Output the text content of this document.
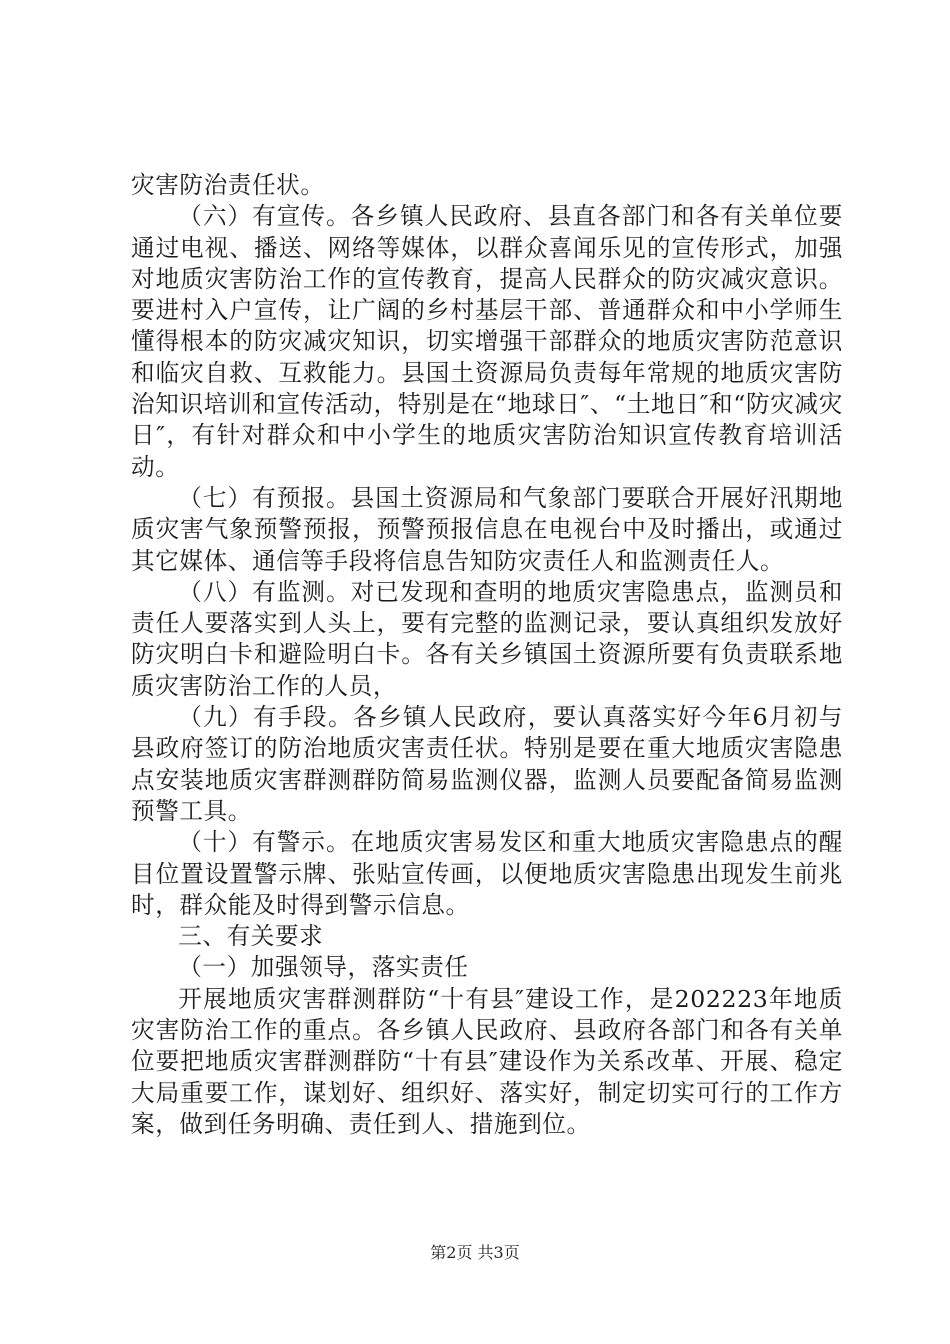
灾害防治责任状。

（六）有宣传。各乡镇人民政府、县直各部门和各有关单位要通过电视、播送、网络等媒体，以群众喜闻乐见的宣传形式，加强对地质灾害防治工作的宣传教育，提高人民群众的防灾减灾意识。要进村入户宣传，让广阔的乡村基层干部、普通群众和中小学师生懂得根本的防灾减灾知识，切实增强干部群众的地质灾害防范意识和临灾自救、互救能力。县国土资源局负责每年常规的地质灾害防治知识培训和宣传活动，特别是在“地球日″、“土地日″和“防灾减灾日″，有针对群众和中小学生的地质灾害防治知识宣传教育培训活动。

（七）有预报。县国土资源局和气象部门要联合开展好汛期地质灾害气象预警预报，预警预报信息在电视台中及时播出，或通过其它媒体、通信等手段将信息告知防灾责任人和监测责任人。

（八）有监测。对已发现和查明的地质灾害隐患点，监测员和责任人要落实到人头上，要有完整的监测记录，要认真组织发放好防灾明白卡和避险明白卡。各有关乡镇国土资源所要有负责联系地质灾害防治工作的人员，

（九）有手段。各乡镇人民政府，要认真落实好今年6月初与县政府签订的防治地质灾害责任状。特别是要在重大地质灾害隐患点安装地质灾害群测群防简易监测仪器，监测人员要配备简易监测预警工具。

（十）有警示。在地质灾害易发区和重大地质灾害隐患点的醒目位置设置警示牌、张贴宣传画，以便地质灾害隐患出现发生前兆时，群众能及时得到警示信息。

三、有关要求

（一）加强领导，落实责任

开展地质灾害群测群防“十有县″建设工作，是202223年地质灾害防治工作的重点。各乡镇人民政府、县政府各部门和各有关单位要把地质灾害群测群防“十有县″建设作为关系改革、开展、稳定大局重要工作，谋划好、组织好、落实好，制定切实可行的工作方案，做到任务明确、责任到人、措施到位。

第2页 共3页
